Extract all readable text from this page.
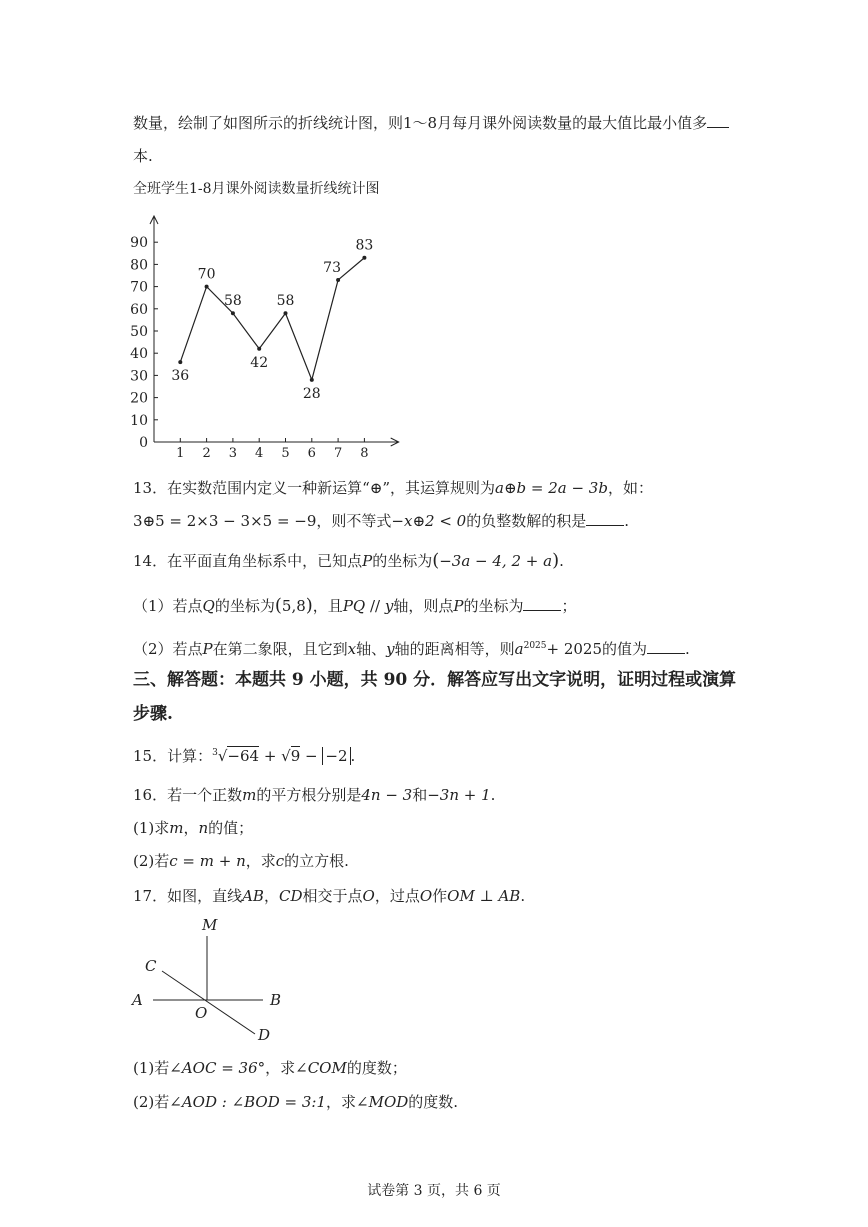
数量，绘制了如图所示的折线统计图，则1～8月每月课外阅读数量的最大值比最小值多
本.
全班学生1-8月课外阅读数量折线统计图
0
10
20
30
40
50
60
70
80
90
1 2 3 4 5 6 7 8
36
70
58
42
58
28
73
83
13．在实数范围内定义一种新运算“⊕”，其运算规则为a⊕b = 2a − 3b，如：
3⊕5 = 2×3 − 3×5 = −9，则不等式−x⊕2 < 0的负整数解的积是	.
14．在平面直角坐标系中，已知点P的坐标为(−3a − 4, 2 + a).
（1）若点Q的坐标为(5,8)，且PQ // y轴，则点P的坐标为	；
（2）若点P在第二象限，且它到x轴、y轴的距离相等，则$a^{2025}+ 2025$的值为	.
三、解答题：本题共 9 小题，共 90 分．解答应写出文字说明，证明过程或演算
步骤.
15．计算：$^3$√−64 + √9 − −2 .
16．若一个正数m的平方根分别是4n − 3和−3n + 1.
(1)求m，n的值；
(2)若c = m + n，求c的立方根.
17．如图，直线AB，CD相交于点O，过点O作OM ⊥ AB.
M
C
A	B
O
D
(1)若∠AOC = 36°，求∠COM的度数；
(2)若∠AOD : ∠BOD = 3:1，求∠MOD的度数.
试卷第 3 页，共 6 页
